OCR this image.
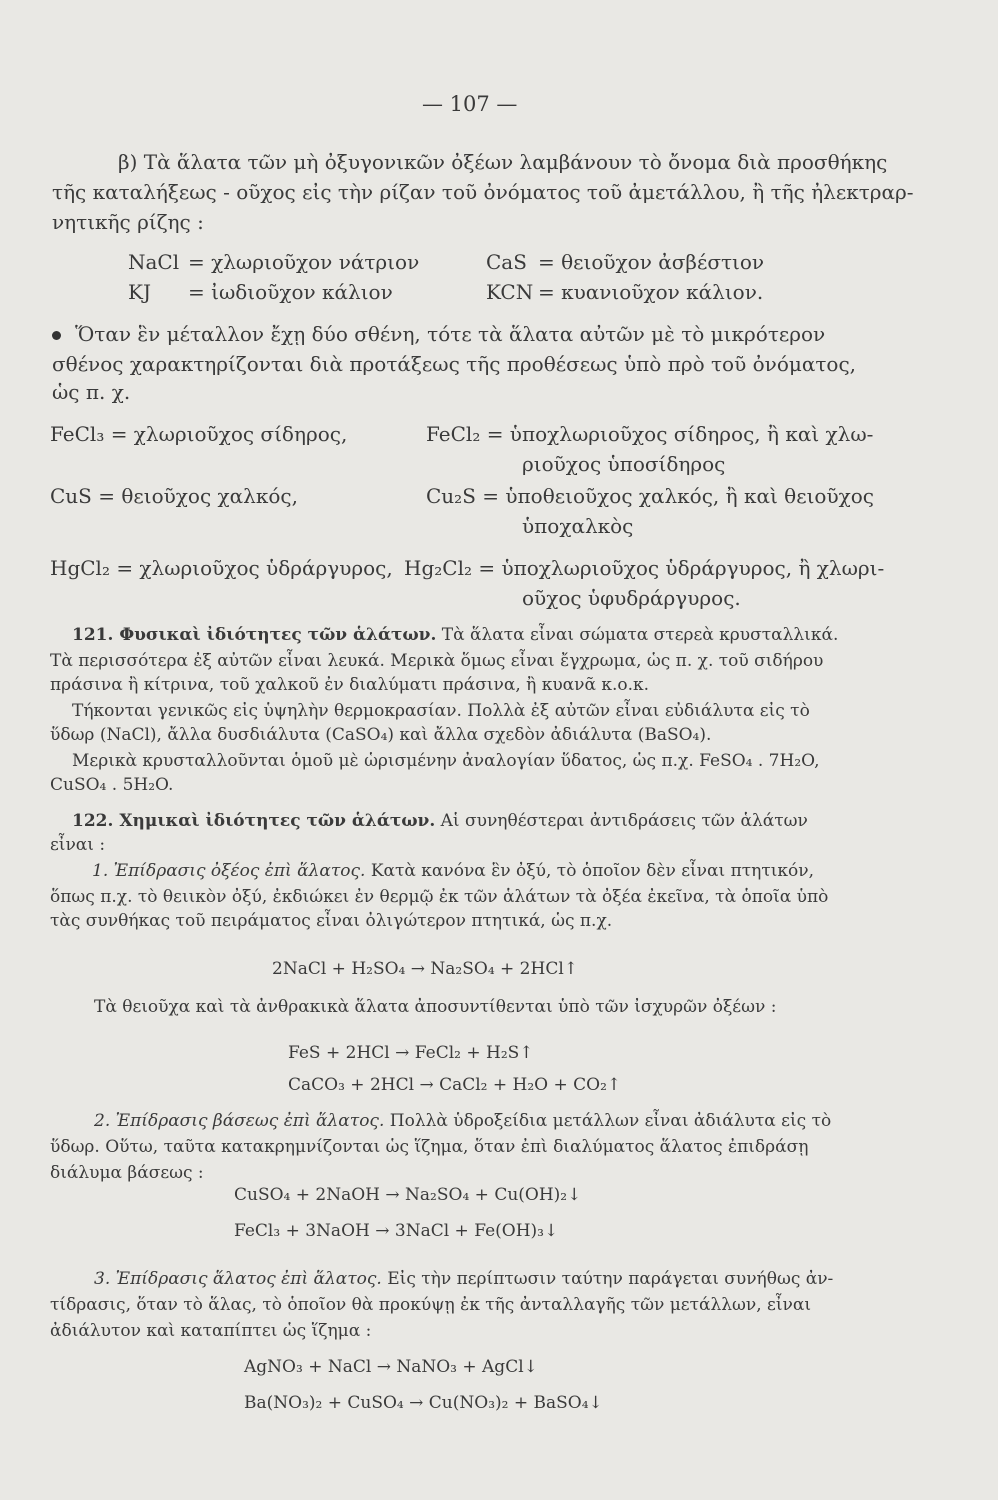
— 107 —
β) Τὰ ἅλατα τῶν μὴ ὀξυγονικῶν ὀξέων λαμβάνουν τὸ ὄνομα διὰ προσθήκης
τῆς καταλήξεως - οῦχος εἰς τὴν ρίζαν τοῦ ὀνόματος τοῦ ἀμετάλλου, ἢ τῆς ἠλεκτραρ-
νητικῆς ρίζης :
NaCl = χλωριοῦχον νάτριον	CaS = θειοῦχον ἀσβέστιον
KJ = ἰωδιοῦχον κάλιον	KCN = κυανιοῦχον κάλιον.
Ὅταν ἓν μέταλλον ἔχῃ δύο σθένη, τότε τὰ ἅλατα αὐτῶν μὲ τὸ μικρότερον
σθένος χαρακτηρίζονται διὰ προτάξεως τῆς προθέσεως ὑπὸ πρὸ τοῦ ὀνόματος,
ὡς π. χ.
FeCl₃ = χλωριοῦχος σίδηρος,	FeCl₂ = ὑποχλωριοῦχος σίδηρος, ἢ καὶ χλω-
ριοῦχος ὑποσίδηρος
CuS = θειοῦχος χαλκός,	Cu₂S = ὑποθειοῦχος χαλκός, ἢ καὶ θειοῦχος
ὑποχαλκὸς
HgCl₂ = χλωριοῦχος ὑδράργυρος, Hg₂Cl₂ = ὑποχλωριοῦχος ὑδράργυρος, ἢ χλωρι-
οῦχος ὑφυδράργυρος.
121. Φυσικαὶ ἰδιότητες τῶν ἁλάτων. Τὰ ἅλατα εἶναι σώματα στερεὰ κρυσταλλικά.
Τὰ περισσότερα ἐξ αὐτῶν εἶναι λευκά. Μερικὰ ὅμως εἶναι ἔγχρωμα, ὡς π. χ. τοῦ σιδήρου
πράσινα ἢ κίτρινα, τοῦ χαλκοῦ ἐν διαλύματι πράσινα, ἢ κυανᾶ κ.ο.κ.
Τήκονται γενικῶς εἰς ὑψηλὴν θερμοκρασίαν. Πολλὰ ἐξ αὐτῶν εἶναι εὐδιάλυτα εἰς τὸ
ὕδωρ (NaCl), ἄλλα δυσδιάλυτα (CaSO₄) καὶ ἄλλα σχεδὸν ἀδιάλυτα (BaSO₄).
Μερικὰ κρυσταλλοῦνται ὁμοῦ μὲ ὡρισμένην ἀναλογίαν ὕδατος, ὡς π.χ. FeSO₄ . 7H₂O,
CuSO₄ . 5H₂O.
122. Χημικαὶ ἰδιότητες τῶν ἁλάτων. Αἱ συνηθέστεραι ἀντιδράσεις τῶν ἁλάτων
εἶναι :
1. Ἐπίδρασις ὀξέος ἐπὶ ἅλατος. Κατὰ κανόνα ἓν ὀξύ, τὸ ὁποῖον δὲν εἶναι πτητικόν,
ὅπως π.χ. τὸ θειικὸν ὀξύ, ἐκδιώκει ἐν θερμῷ ἐκ τῶν ἁλάτων τὰ ὀξέα ἐκεῖνα, τὰ ὁποῖα ὑπὸ
τὰς συνθήκας τοῦ πειράματος εἶναι ὀλιγώτερον πτητικά, ὡς π.χ.
2NaCl + H₂SO₄ → Na₂SO₄ + 2HCl↑
Τὰ θειοῦχα καὶ τὰ ἀνθρακικὰ ἅλατα ἀποσυντίθενται ὑπὸ τῶν ἰσχυρῶν ὀξέων :
FeS + 2HCl → FeCl₂ + H₂S↑
CaCO₃ + 2HCl → CaCl₂ + H₂O + CO₂↑
2. Ἐπίδρασις βάσεως ἐπὶ ἅλατος. Πολλὰ ὑδροξείδια μετάλλων εἶναι ἀδιάλυτα εἰς τὸ
ὕδωρ. Οὕτω, ταῦτα κατακρημνίζονται ὡς ἵζημα, ὅταν ἐπὶ διαλύματος ἅλατος ἐπιδράσῃ
διάλυμα βάσεως :
CuSO₄ + 2NaOH → Na₂SO₄ + Cu(OH)₂↓
FeCl₃ + 3NaOH → 3NaCl + Fe(OH)₃↓
3. Ἐπίδρασις ἅλατος ἐπὶ ἅλατος. Εἰς τὴν περίπτωσιν ταύτην παράγεται συνήθως ἀν-
τίδρασις, ὅταν τὸ ἅλας, τὸ ὁποῖον θὰ προκύψῃ ἐκ τῆς ἀνταλλαγῆς τῶν μετάλλων, εἶναι
ἀδιάλυτον καὶ καταπίπτει ὡς ἵζημα :
AgNO₃ + NaCl → NaNO₃ + AgCl↓
Ba(NO₃)₂ + CuSO₄ → Cu(NO₃)₂ + BaSO₄↓
